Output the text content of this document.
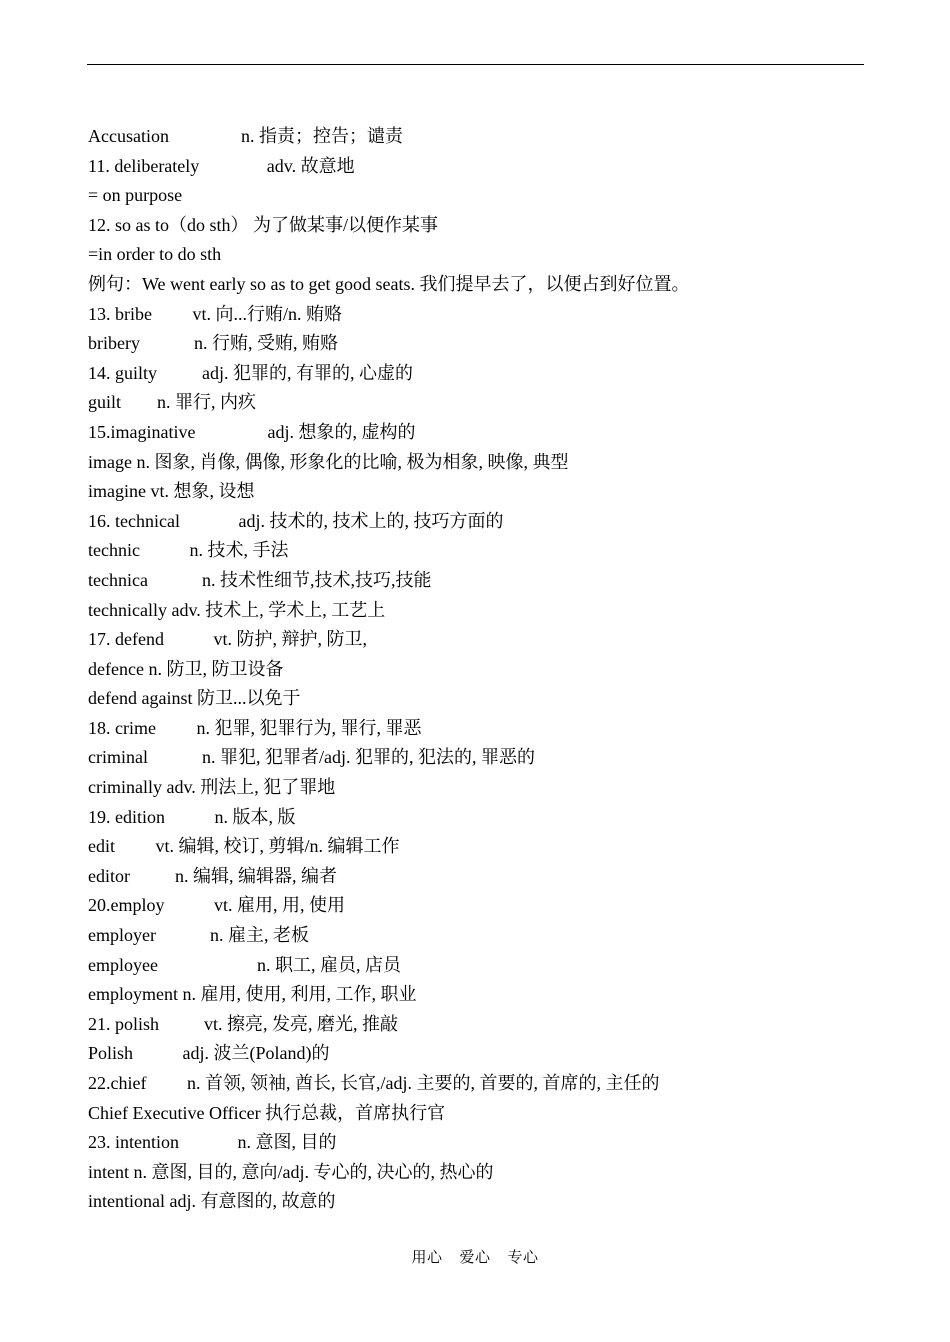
Accusation                n. 指责；控告；谴责
11. deliberately               adv. 故意地
= on purpose
12. so as to（do sth） 为了做某事/以便作某事
=in order to do sth
例句：We went early so as to get good seats. 我们提早去了，以便占到好位置。
13. bribe         vt. 向...行贿/n. 贿赂
bribery            n. 行贿, 受贿, 贿赂
14. guilty          adj. 犯罪的, 有罪的, 心虚的
guilt        n. 罪行, 内疚
15.imaginative                adj. 想象的, 虚构的
image n. 图象, 肖像, 偶像, 形象化的比喻, 极为相象, 映像, 典型
imagine vt. 想象, 设想
16. technical             adj. 技术的, 技术上的, 技巧方面的
technic           n. 技术, 手法
technica            n. 技术性细节,技术,技巧,技能
technically adv. 技术上, 学术上, 工艺上
17. defend           vt. 防护, 辩护, 防卫,
defence n. 防卫, 防卫设备
defend against 防卫...以免于
18. crime         n. 犯罪, 犯罪行为, 罪行, 罪恶
criminal            n. 罪犯, 犯罪者/adj. 犯罪的, 犯法的, 罪恶的
criminally adv. 刑法上, 犯了罪地
19. edition           n. 版本, 版
edit         vt. 编辑, 校订, 剪辑/n. 编辑工作
editor          n. 编辑, 编辑器, 编者
20.employ           vt. 雇用, 用, 使用
employer            n. 雇主, 老板
employee                      n. 职工, 雇员, 店员
employment n. 雇用, 使用, 利用, 工作, 职业
21. polish          vt. 擦亮, 发亮, 磨光, 推敲
Polish           adj. 波兰(Poland)的
22.chief         n. 首领, 领袖, 酋长, 长官,/adj. 主要的, 首要的, 首席的, 主任的
Chief Executive Officer 执行总裁，首席执行官
23. intention             n. 意图, 目的
intent n. 意图, 目的, 意向/adj. 专心的, 决心的, 热心的
intentional adj. 有意图的, 故意的
用心    爱心    专心
